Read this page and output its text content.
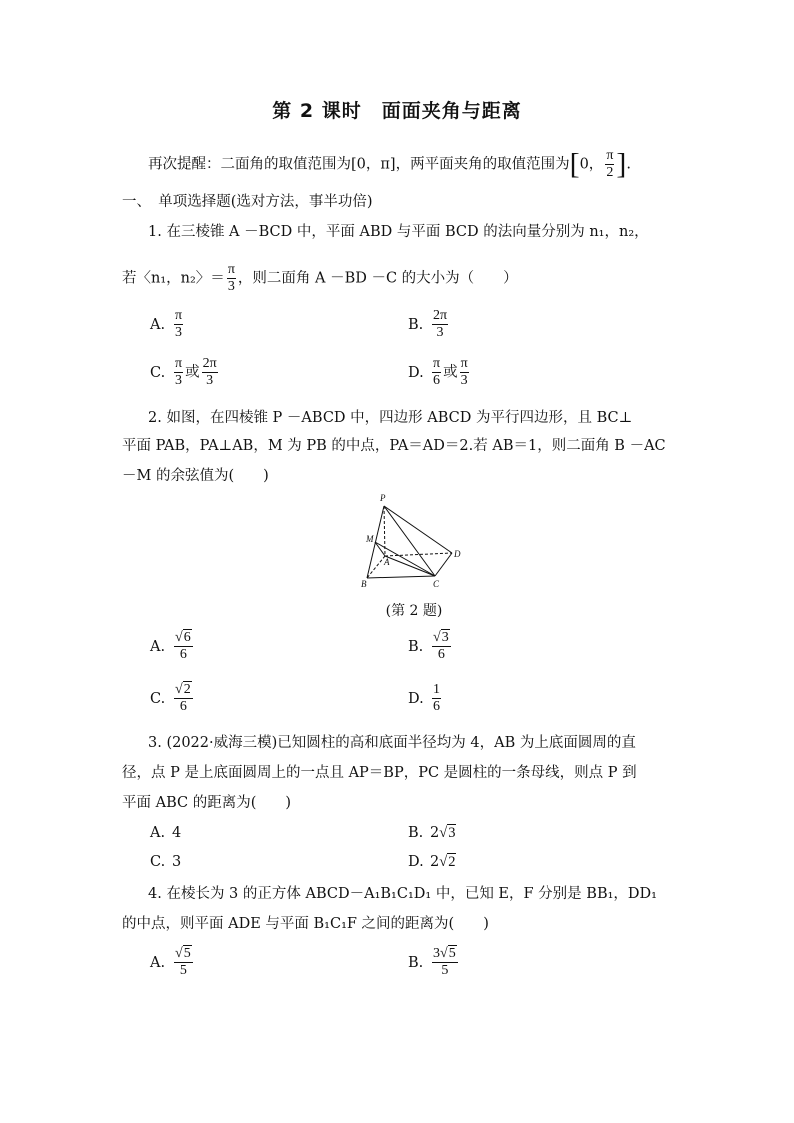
第 2 课时　面面夹角与距离
再次提醒：二面角的取值范围为[0，π]，两平面夹角的取值范围为[0， $\frac{\pi}{2}$ ].
一、　单项选择题(选对方法，事半功倍)
1. 在三棱锥 A －BCD 中，平面 ABD 与平面 BCD 的法向量分别为 n₁，n₂，
若〈n₁，n₂〉＝ $\frac{\pi}{3}$ ，则二面角 A －BD －C 的大小为（　　）
A. $\frac{\pi}{3}$	B. $\frac{2\pi}{3}$
C. $\frac{\pi}{3}$ 或 $\frac{2\pi}{3}$	D. $\frac{\pi}{6}$ 或 $\frac{\pi}{3}$
2. 如图，在四棱锥 P －ABCD 中，四边形 ABCD 为平行四边形，且 BC⊥
平面 PAB，PA⊥AB，M 为 PB 的中点，PA＝AD＝2.若 AB＝1，则二面角 B －AC
－M 的余弦值为(　　)
P
M
A
B	C
D
(第 2 题)
A. $\frac{√6}{6}$	B. $\frac{√3}{6}$
C. $\frac{√2}{6}$	D. $\frac{1}{6}$
3. (2022·威海三模)已知圆柱的高和底面半径均为 4，AB 为上底面圆周的直
径，点 P 是上底面圆周上的一点且 AP＝BP，PC 是圆柱的一条母线，则点 P 到
平面 ABC 的距离为(　　)
A. 4	B. 2√3
C. 3	D. 2√2
4. 在棱长为 3 的正方体 ABCD－A₁B₁C₁D₁ 中，已知 E，F 分别是 BB₁，DD₁
的中点，则平面 ADE 与平面 B₁C₁F 之间的距离为(　　)
A. $\frac{√5}{5}$	B. $\frac{3√5}{5}$
